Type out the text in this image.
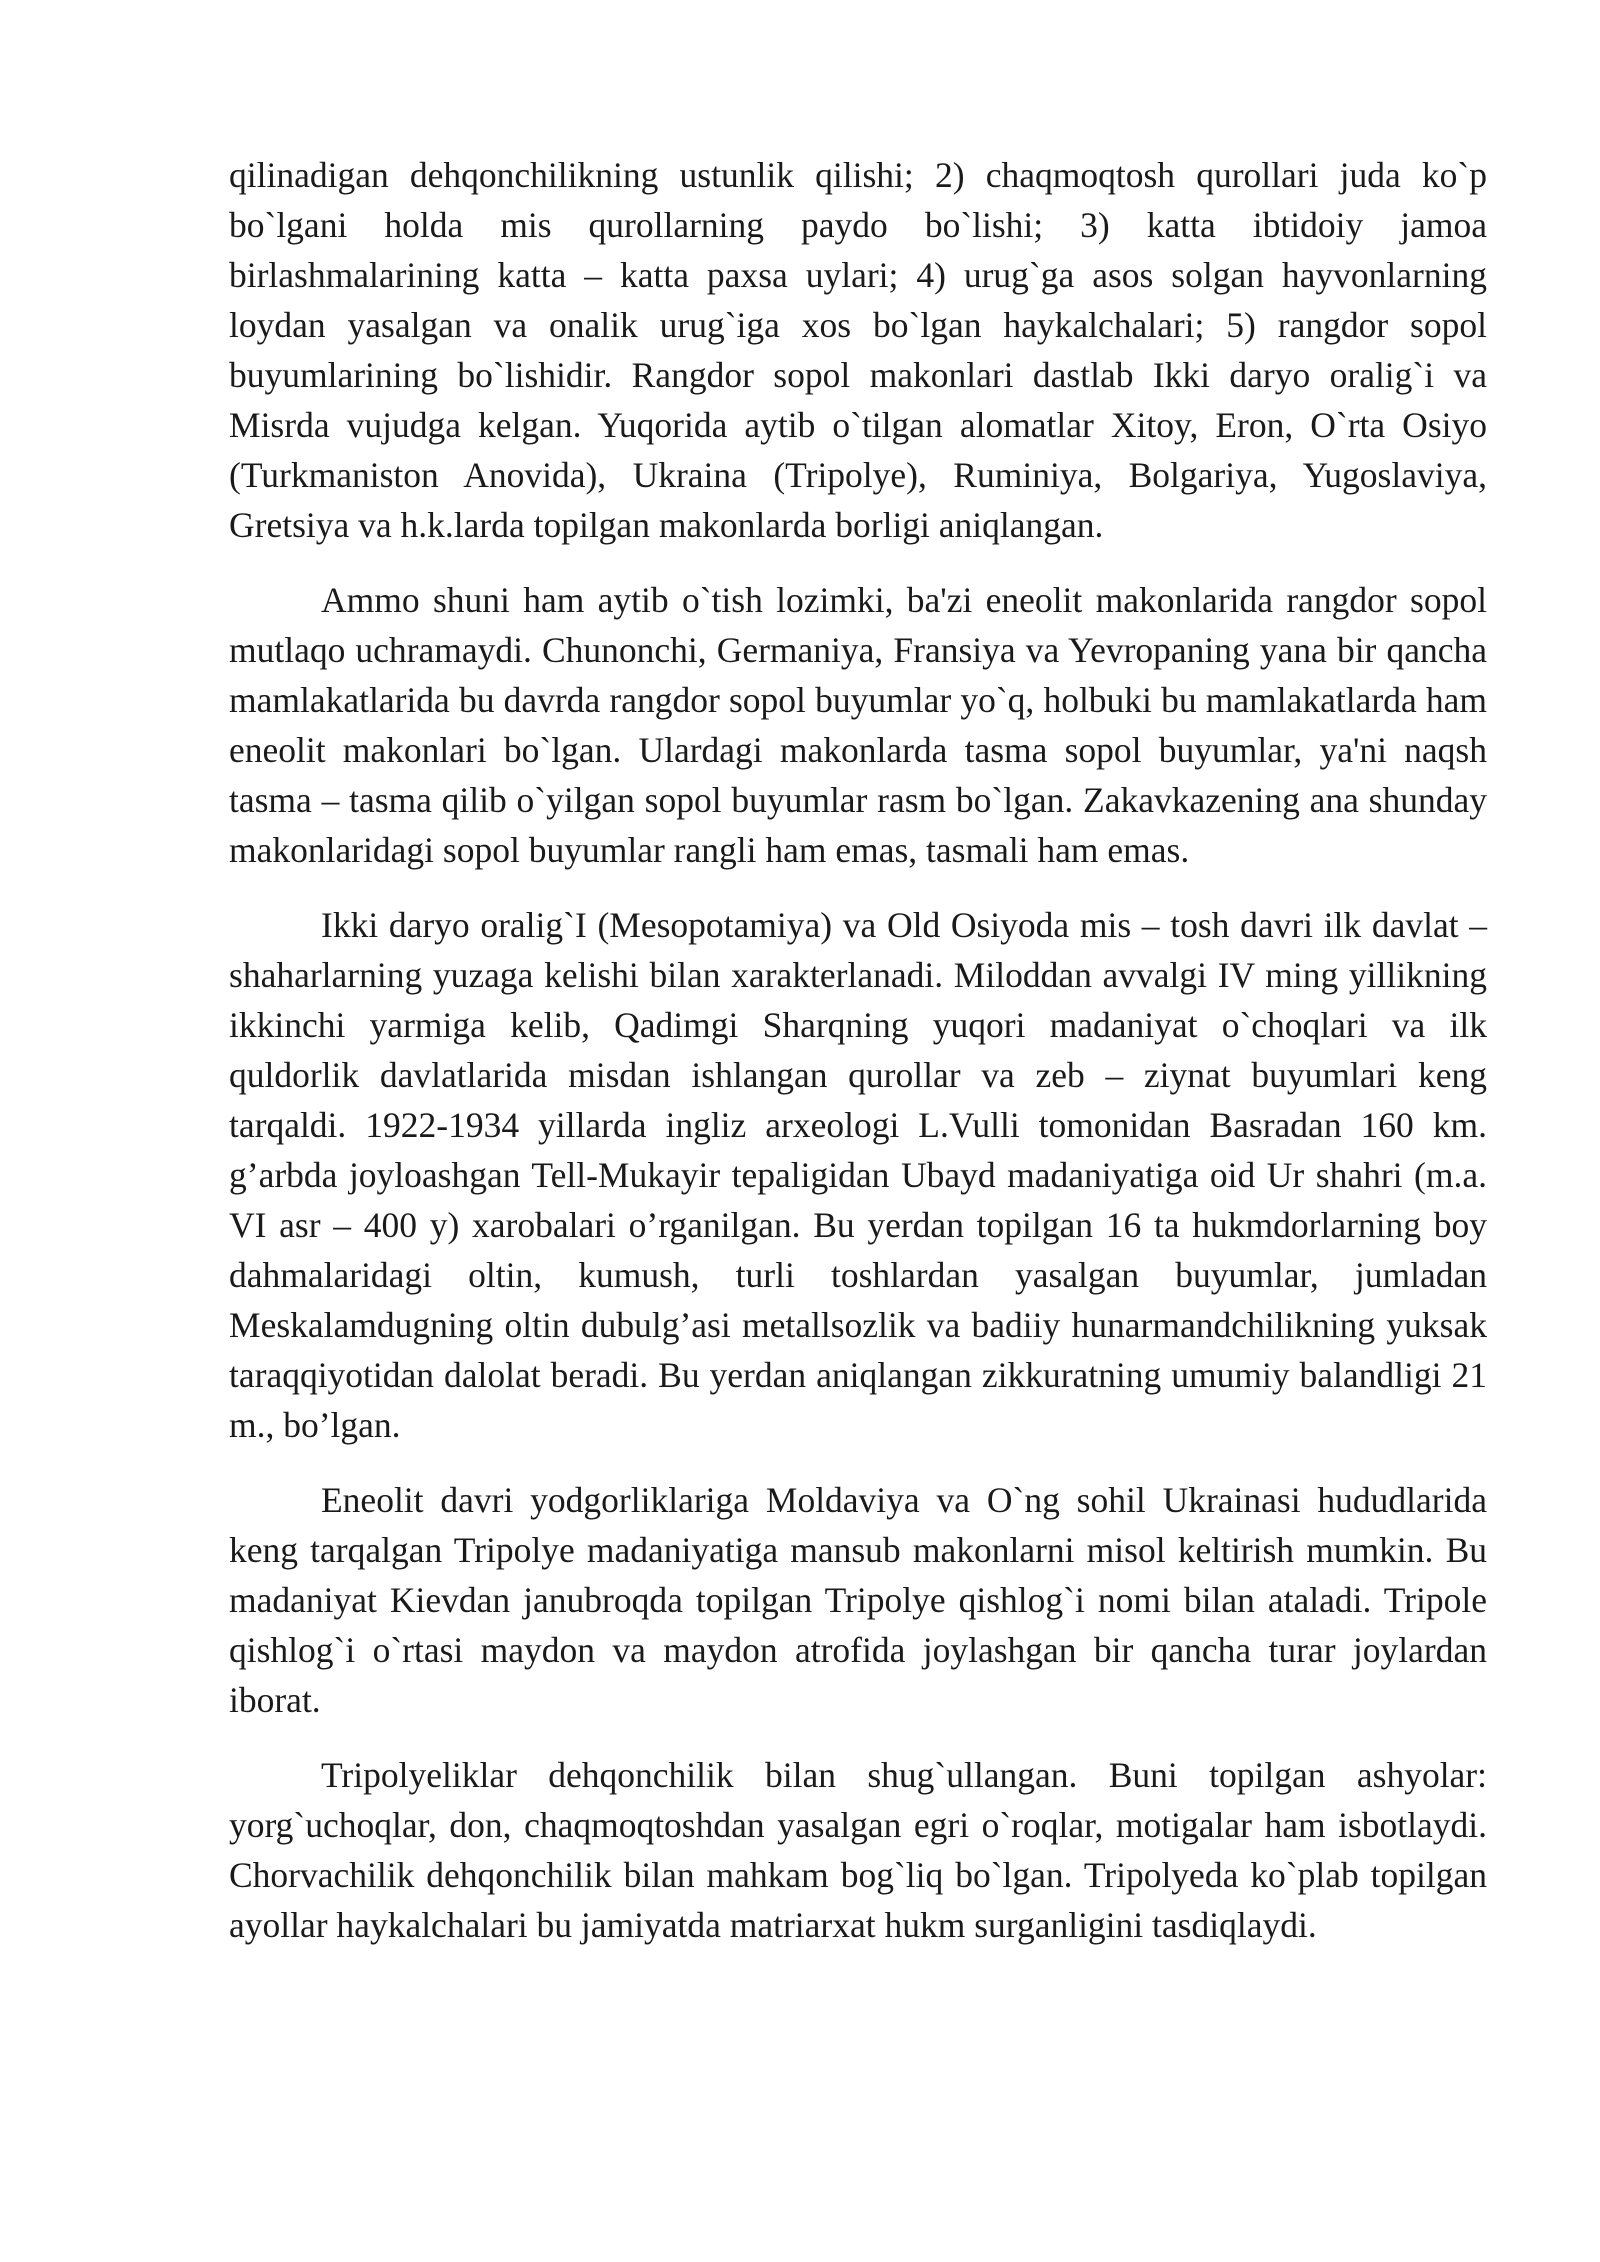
qilinadigan dehqonchilikning ustunlik qilishi; 2) chaqmoqtosh qurollari juda ko`p bo`lgani holda mis qurollarning paydo bo`lishi; 3) katta ibtidoiy jamoa birlashmalarining katta – katta paxsa uylari; 4) urug`ga asos solgan hayvonlarning loydan yasalgan va onalik urug`iga xos bo`lgan haykalchalari; 5) rangdor sopol buyumlarining bo`lishidir. Rangdor sopol makonlari dastlab Ikki daryo oralig`i va Misrda vujudga kelgan. Yuqorida aytib o`tilgan alomatlar Xitoy, Eron, O`rta Osiyo (Turkmaniston Anovida), Ukraina (Tripolye), Ruminiya, Bolgariya, Yugoslaviya, Gretsiya va h.k.larda topilgan makonlarda borligi aniqlangan.

Ammo shuni ham aytib o`tish lozimki, ba'zi eneolit makonlarida rangdor sopol mutlaqo uchramaydi. Chunonchi, Germaniya, Fransiya va Yevropaning yana bir qancha mamlakatlarida bu davrda rangdor sopol buyumlar yo`q, holbuki bu mamlakatlarda ham eneolit makonlari bo`lgan. Ulardagi makonlarda tasma sopol buyumlar, ya'ni naqsh tasma – tasma qilib o`yilgan sopol buyumlar rasm bo`lgan. Zakavkazening ana shunday makonlaridagi sopol buyumlar rangli ham emas, tasmali ham emas.

Ikki daryo oralig`I (Mesopotamiya) va Old Osiyoda mis – tosh davri ilk davlat – shaharlarning yuzaga kelishi bilan xarakterlanadi. Miloddan avvalgi IV ming yillikning ikkinchi yarmiga kelib, Qadimgi Sharqning yuqori madaniyat o`choqlari va ilk quldorlik davlatlarida misdan ishlangan qurollar va zeb – ziynat buyumlari keng tarqaldi. 1922-1934 yillarda ingliz arxeologi L.Vulli tomonidan Basradan 160 km. g’arbda joyloashgan Tell-Mukayir tepaligidan Ubayd madaniyatiga oid Ur shahri (m.a. VI asr – 400 y) xarobalari o’rganilgan. Bu yerdan topilgan 16 ta hukmdorlarning boy dahmalaridagi oltin, kumush, turli toshlardan yasalgan buyumlar, jumladan Meskalamdugning oltin dubulg’asi metallsozlik va badiiy hunarmandchilikning yuksak taraqqiyotidan dalolat beradi. Bu yerdan aniqlangan zikkuratning umumiy balandligi 21 m., bo’lgan.

Eneolit davri yodgorliklariga Moldaviya va O`ng sohil Ukrainasi hududlarida keng tarqalgan Tripolye madaniyatiga mansub makonlarni misol keltirish mumkin. Bu madaniyat Kievdan janubroqda topilgan Tripolye qishlog`i nomi bilan ataladi. Tripole qishlog`i o`rtasi maydon va maydon atrofida joylashgan bir qancha turar joylardan iborat.

Tripolyeliklar dehqonchilik bilan shug`ullangan. Buni topilgan ashyolar: yorg`uchoqlar, don, chaqmoqtoshdan yasalgan egri o`roqlar, motigalar ham isbotlaydi. Chorvachilik dehqonchilik bilan mahkam bog`liq bo`lgan. Tripolyeda ko`plab topilgan ayollar haykalchalari bu jamiyatda matriarxat hukm surganligini tasdiqlaydi.
